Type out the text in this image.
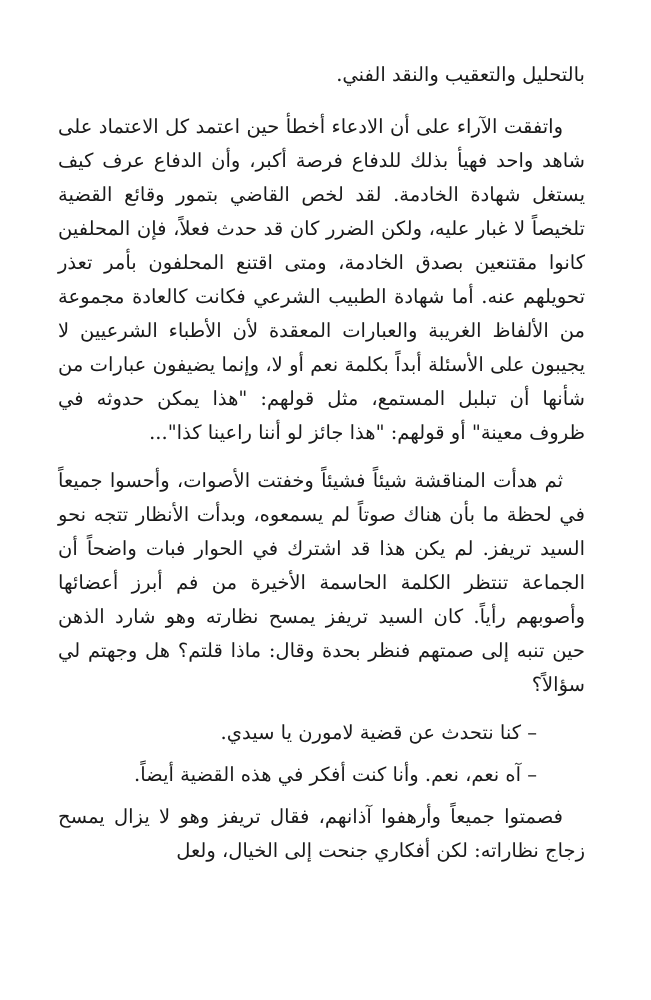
بالتحليل والتعقيب والنقد الفني.

واتفقت الآراء على أن الادعاء أخطأ حين اعتمد كل الاعتماد على شاهد واحد فهيأ بذلك للدفاع فرصة أكبر، وأن الدفاع عرف كيف يستغل شهادة الخادمة. لقد لخص القاضي بتمور وقائع القضية تلخيصاً لا غبار عليه، ولكن الضرر كان قد حدث فعلاً، فإن المحلفين كانوا مقتنعين بصدق الخادمة، ومتى اقتنع المحلفون بأمر تعذر تحويلهم عنه. أما شهادة الطبيب الشرعي فكانت كالعادة مجموعة من الألفاظ الغريبة والعبارات المعقدة لأن الأطباء الشرعيين لا يجيبون على الأسئلة أبداً بكلمة نعم أو لا، وإنما يضيفون عبارات من شأنها أن تبلبل المستمع، مثل قولهم: "هذا يمكن حدوثه في ظروف معينة" أو قولهم: "هذا جائز لو أننا راعينا كذا"...

ثم هدأت المناقشة شيئاً فشيئاً وخفتت الأصوات، وأحسوا جميعاً في لحظة ما بأن هناك صوتاً لم يسمعوه، وبدأت الأنظار تتجه نحو السيد تريفز. لم يكن هذا قد اشترك في الحوار فبات واضحاً أن الجماعة تنتظر الكلمة الحاسمة الأخيرة من فم أبرز أعضائها وأصوبهم رأياً. كان السيد تريفز يمسح نظارته وهو شارد الذهن حين تنبه إلى صمتهم فنظر بحدة وقال: ماذا قلتم؟ هل وجهتم لي سؤالاً؟

– كنا نتحدث عن قضية لامورن يا سيدي.

– آه نعم، نعم. وأنا كنت أفكر في هذه القضية أيضاً.

فصمتوا جميعاً وأرهفوا آذانهم، فقال تريفز وهو لا يزال يمسح زجاج نظاراته: لكن أفكاري جنحت إلى الخيال، ولعل
